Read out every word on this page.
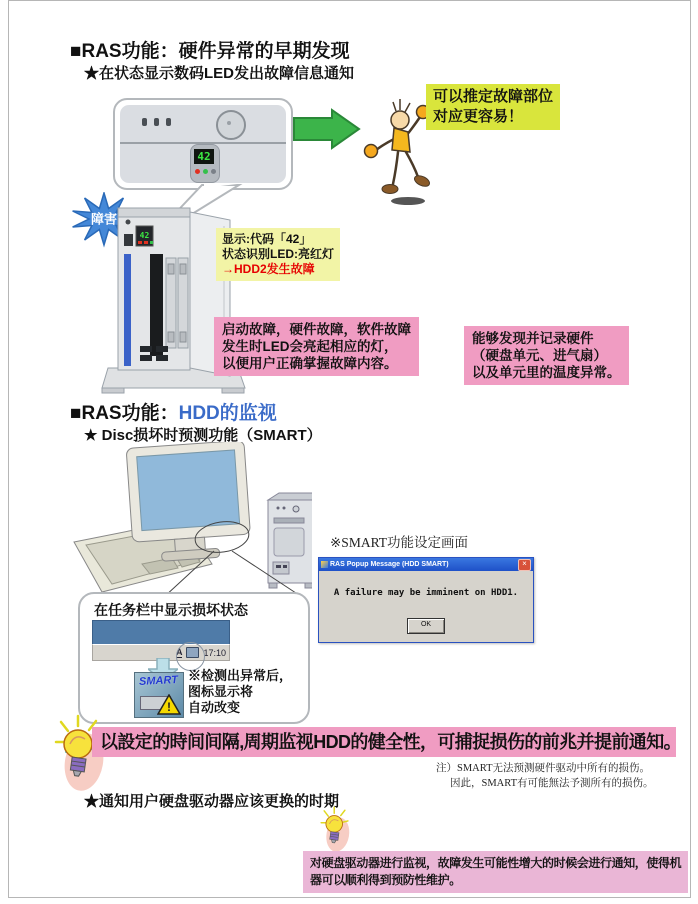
■RAS功能：硬件异常的早期发现
★在状态显示数码LED发出故障信息通知
42
可以推定故障部位
对应更容易！
障害
42	显示:代码「42」
状态识别LED:亮红灯
→HDD2发生故障
启动故障，硬件故障，软件故障
发生时LED会亮起相应的灯，
以便用户正确掌握故障内容。
能够发现并记录硬件
（硬盘单元、进气扇）
以及单元里的温度异常。
■RAS功能：HDD的监视
★ Disc损坏时预测功能（SMART）
※SMART功能设定画面
RAS Popup Message (HDD SMART)	×
A failure may be imminent on HDD1.
OK
在任务栏中显示损坏状态
A 17:10
SMART
!
※检测出异常后，
图标显示将
自动改变
以設定的時间间隔,周期监视HDD的健全性，可捕捉损伤的前兆并提前通知。
注）SMART无法预测硬件驱动中所有的损伤。
因此，SMART有可能無法予測所有的损伤。
★通知用户硬盘驱动器应该更换的时期
对硬盘驱动器进行监视，故障发生可能性增大的时候会进行通知，使得机
器可以顺利得到预防性维护。
